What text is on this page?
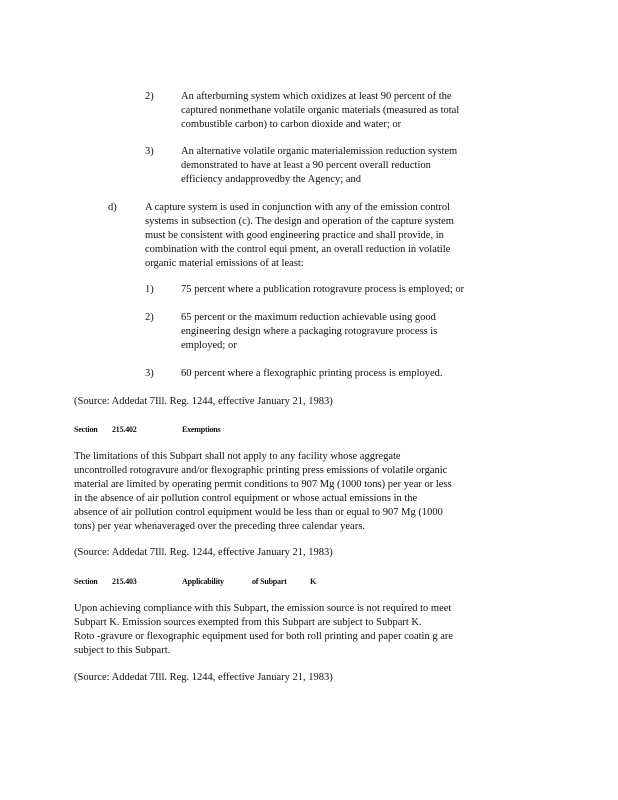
2)	An afterburning system which oxidizes at least 90 percent of the
captured nonmethane volatile organic materials (measured as total
combustible carbon) to carbon dioxide and water; or
3)	An alternative volatile organic materialemission reduction system
demonstrated to have at least a 90 percent overall reduction
efficiency andapprovedby the Agency; and
d)	A capture system is used in conjunction with any of the emission control
systems in subsection (c). The design and operation of the capture system
must be consistent with good engineering practice and shall provide, in
combination with the control equi pment, an overall reduction in volatile
organic material emissions of at least:
1)	75 percent where a publication rotogravure process is employed; or
2)	65 percent or the maximum reduction achievable using good
engineering design where a packaging rotogravure process is
employed; or
3)	60 percent where a flexographic printing process is employed.
(Source: Addedat 7Ill. Reg. 1244, effective January 21, 1983)
Section 215.402	Exemptions
The limitations of this Subpart shall not apply to any facility whose aggregate
uncontrolled rotogravure and/or flexographic printing press emissions of volatile organic
material are limited by operating permit conditions to 907 Mg (1000 tons) per year or less
in the absence of air pollution control equipment or whose actual emissions in the
absence of air pollution control equipment would be less than or equal to 907 Mg (1000
tons) per year whenaveraged over the preceding three calendar years.
(Source: Addedat 7Ill. Reg. 1244, effective January 21, 1983)
Section 215.403	Applicability	of Subpart	K
Upon achieving compliance with this Subpart, the emission source is not required to meet
Subpart K. Emission sources exempted from this Subpart are subject to Subpart K.
Roto -gravure or flexographic equipment used for both roll printing and paper coatin g are
subject to this Subpart.
(Source: Addedat 7Ill. Reg. 1244, effective January 21, 1983)
